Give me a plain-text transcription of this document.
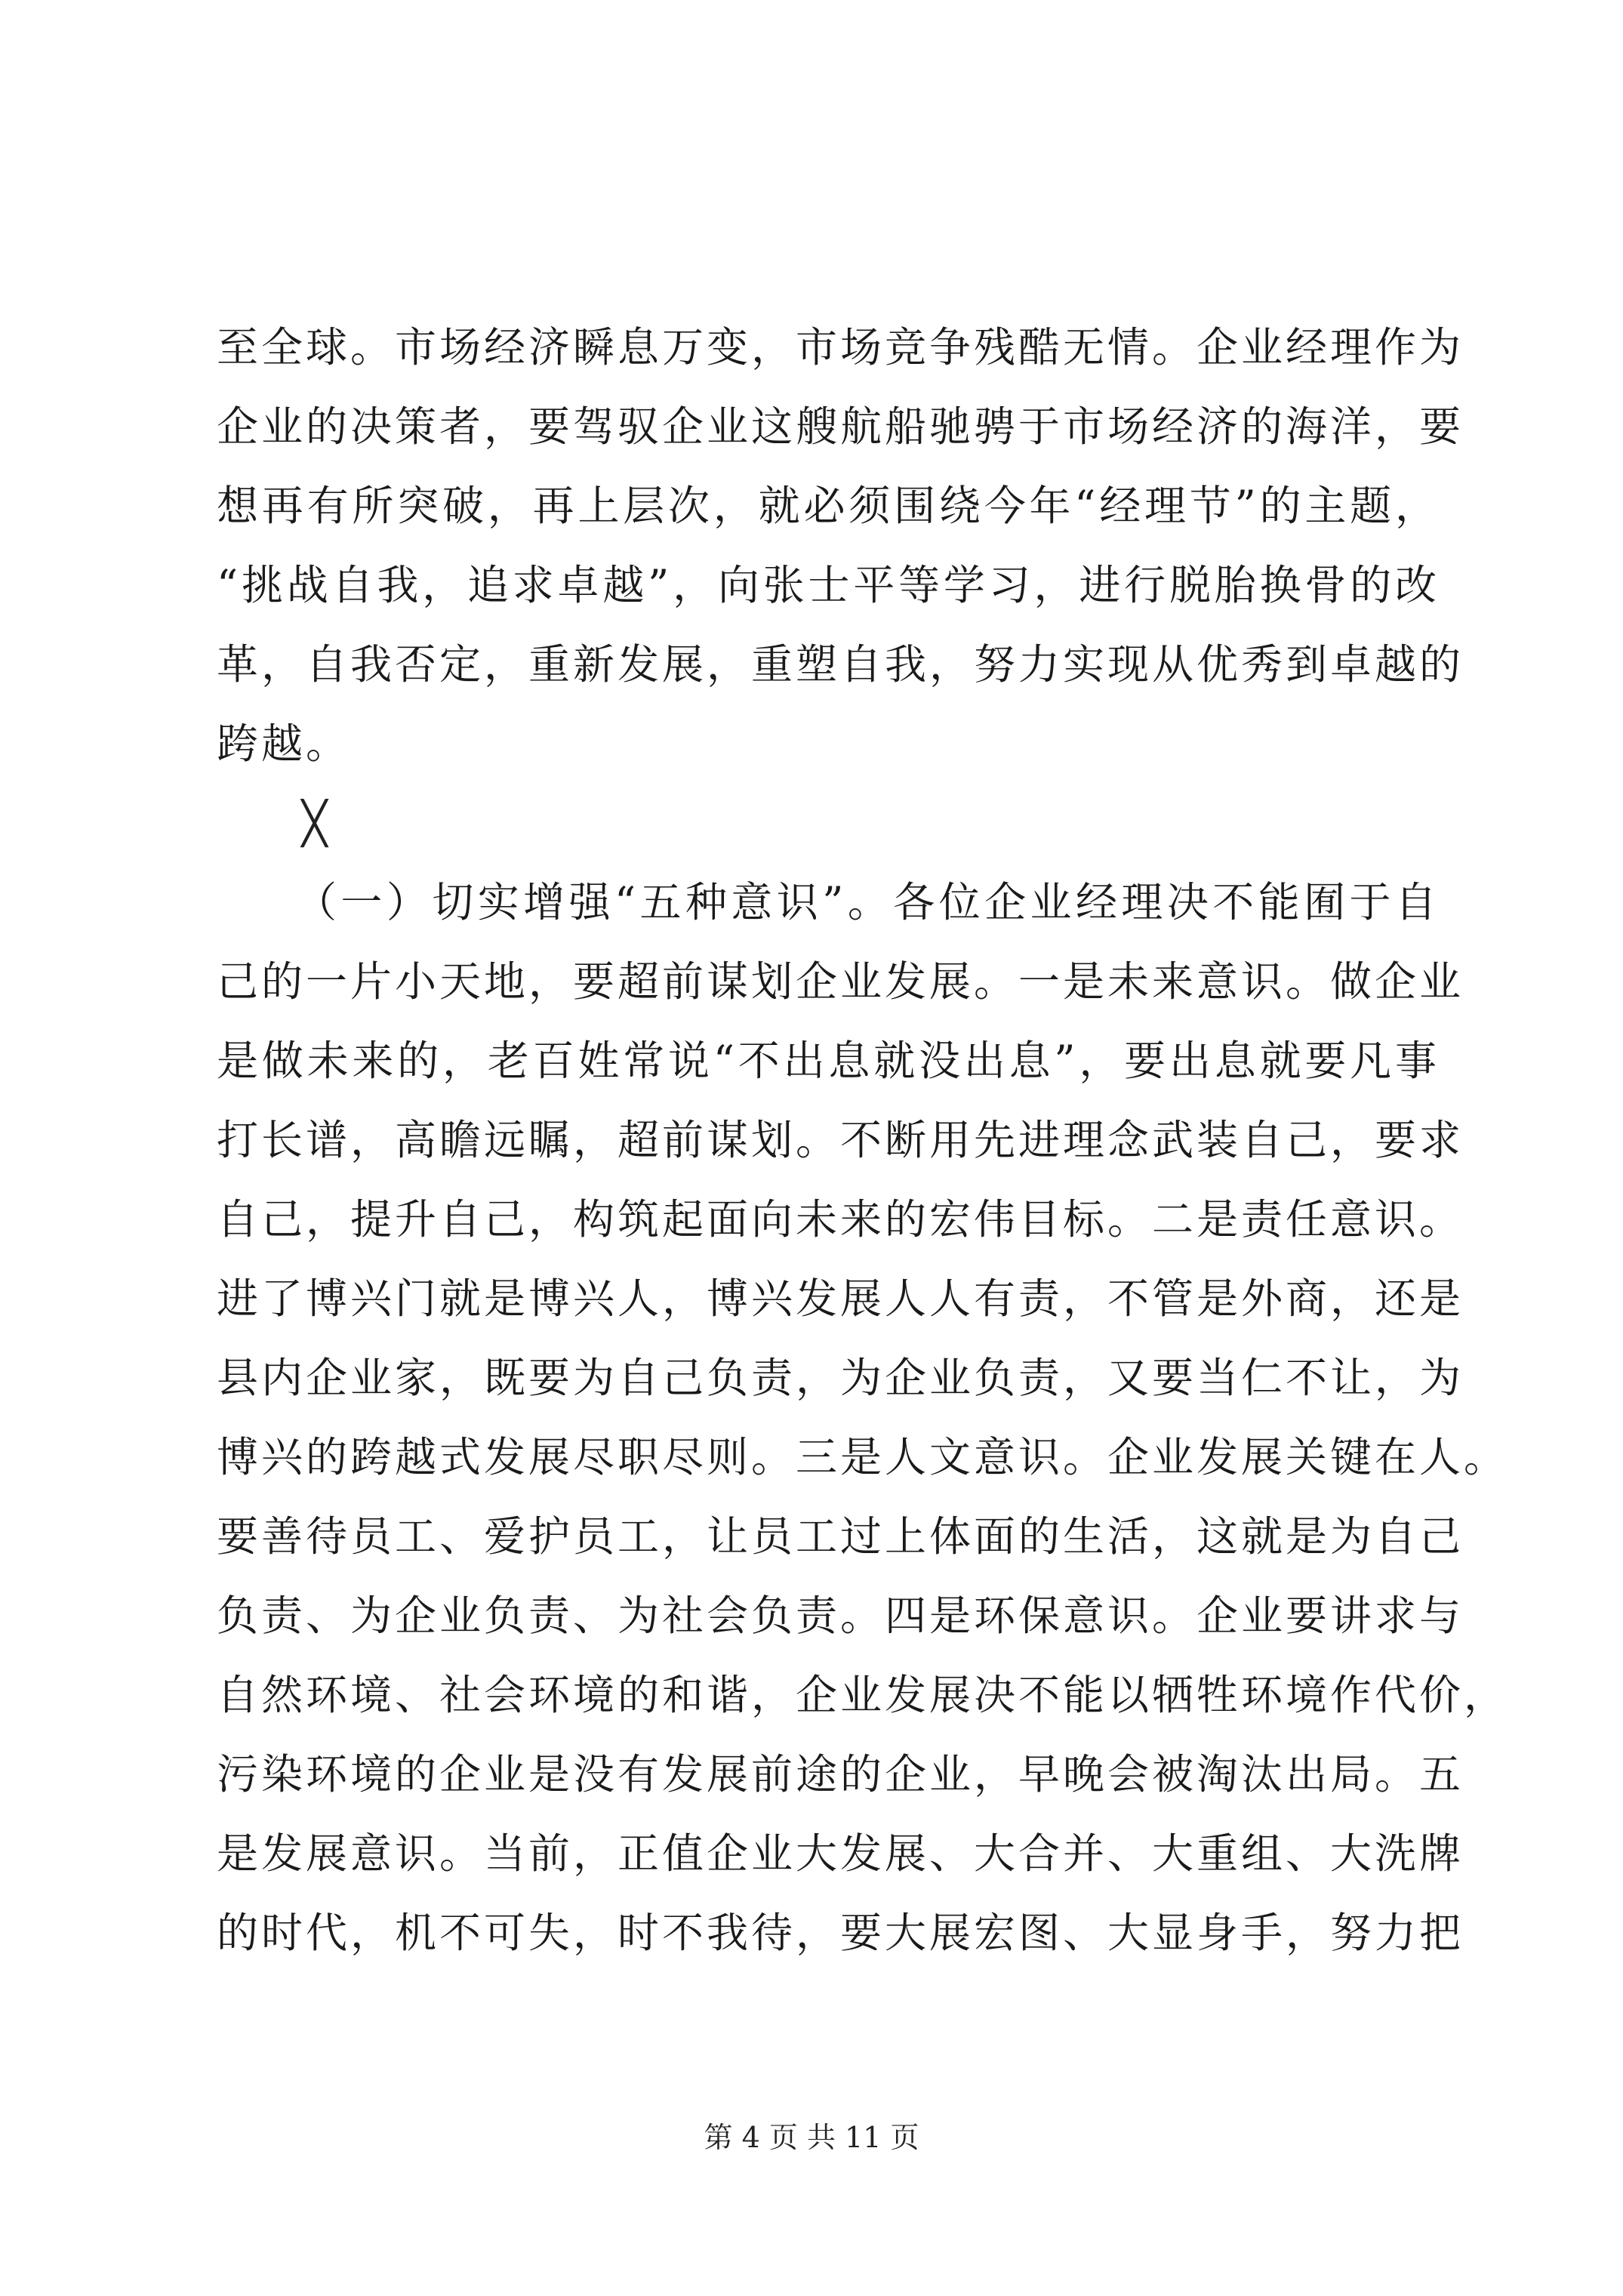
至全球。市场经济瞬息万变，市场竞争残酷无情。企业经理作为
企业的决策者，要驾驭企业这艘航船驰骋于市场经济的海洋，要
想再有所突破，再上层次，就必须围绕今年“经理节”的主题，
“挑战自我，追求卓越”，向张士平等学习，进行脱胎换骨的改
革，自我否定，重新发展，重塑自我，努力实现从优秀到卓越的
跨越。
╳
（一）切实增强“五种意识”。各位企业经理决不能囿于自
己的一片小天地，要超前谋划企业发展。一是未来意识。做企业
是做未来的，老百姓常说“不出息就没出息”，要出息就要凡事
打长谱，高瞻远瞩，超前谋划。不断用先进理念武装自己，要求
自己，提升自己，构筑起面向未来的宏伟目标。二是责任意识。
进了博兴门就是博兴人，博兴发展人人有责，不管是外商，还是
县内企业家，既要为自己负责，为企业负责，又要当仁不让，为
博兴的跨越式发展尽职尽则。三是人文意识。企业发展关键在人。
要善待员工、爱护员工，让员工过上体面的生活，这就是为自己
负责、为企业负责、为社会负责。四是环保意识。企业要讲求与
自然环境、社会环境的和谐，企业发展决不能以牺牲环境作代价，
污染环境的企业是没有发展前途的企业，早晚会被淘汰出局。五
是发展意识。当前，正值企业大发展、大合并、大重组、大洗牌
的时代，机不可失，时不我待，要大展宏图、大显身手，努力把
第 4 页 共 11 页
